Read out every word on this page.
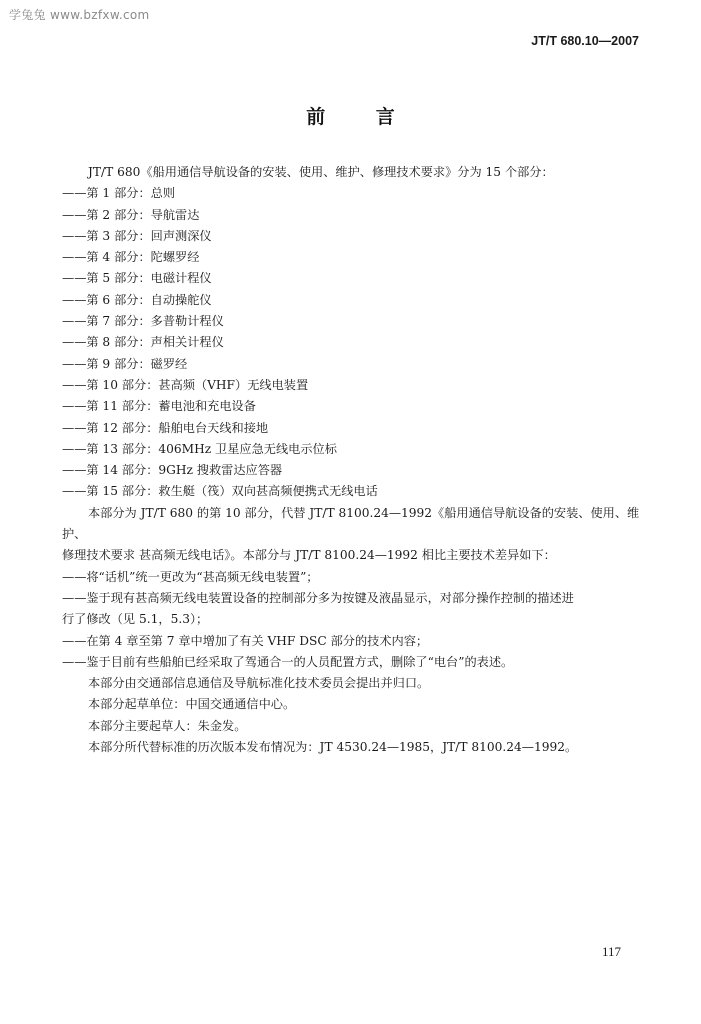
学兔兔 www.bzfxw.com
JT/T 680.10—2007
前 言

JT/T 680《船用通信导航设备的安装、使用、维护、修理技术要求》分为 15 个部分：

——第 1 部分：总则

——第 2 部分：导航雷达

——第 3 部分：回声测深仪

——第 4 部分：陀螺罗经

——第 5 部分：电磁计程仪

——第 6 部分：自动操舵仪

——第 7 部分：多普勒计程仪

——第 8 部分：声相关计程仪

——第 9 部分：磁罗经

——第 10 部分：甚高频（VHF）无线电装置

——第 11 部分：蓄电池和充电设备

——第 12 部分：船舶电台天线和接地

——第 13 部分：406MHz 卫星应急无线电示位标

——第 14 部分：9GHz 搜救雷达应答器

——第 15 部分：救生艇（筏）双向甚高频便携式无线电话

本部分为 JT/T 680 的第 10 部分，代替 JT/T 8100.24—1992《船用通信导航设备的安装、使用、维护、

修理技术要求 甚高频无线电话》。本部分与 JT/T 8100.24—1992 相比主要技术差异如下：

——将“话机”统一更改为“甚高频无线电装置”；

——鉴于现有甚高频无线电装置设备的控制部分多为按键及液晶显示，对部分操作控制的描述进

行了修改（见 5.1，5.3）；

——在第 4 章至第 7 章中增加了有关 VHF DSC 部分的技术内容；

——鉴于目前有些船舶已经采取了驾通合一的人员配置方式，删除了“电台”的表述。

本部分由交通部信息通信及导航标准化技术委员会提出并归口。

本部分起草单位：中国交通通信中心。

本部分主要起草人：朱金发。

本部分所代替标准的历次版本发布情况为：JT 4530.24—1985，JT/T 8100.24—1992。

117
